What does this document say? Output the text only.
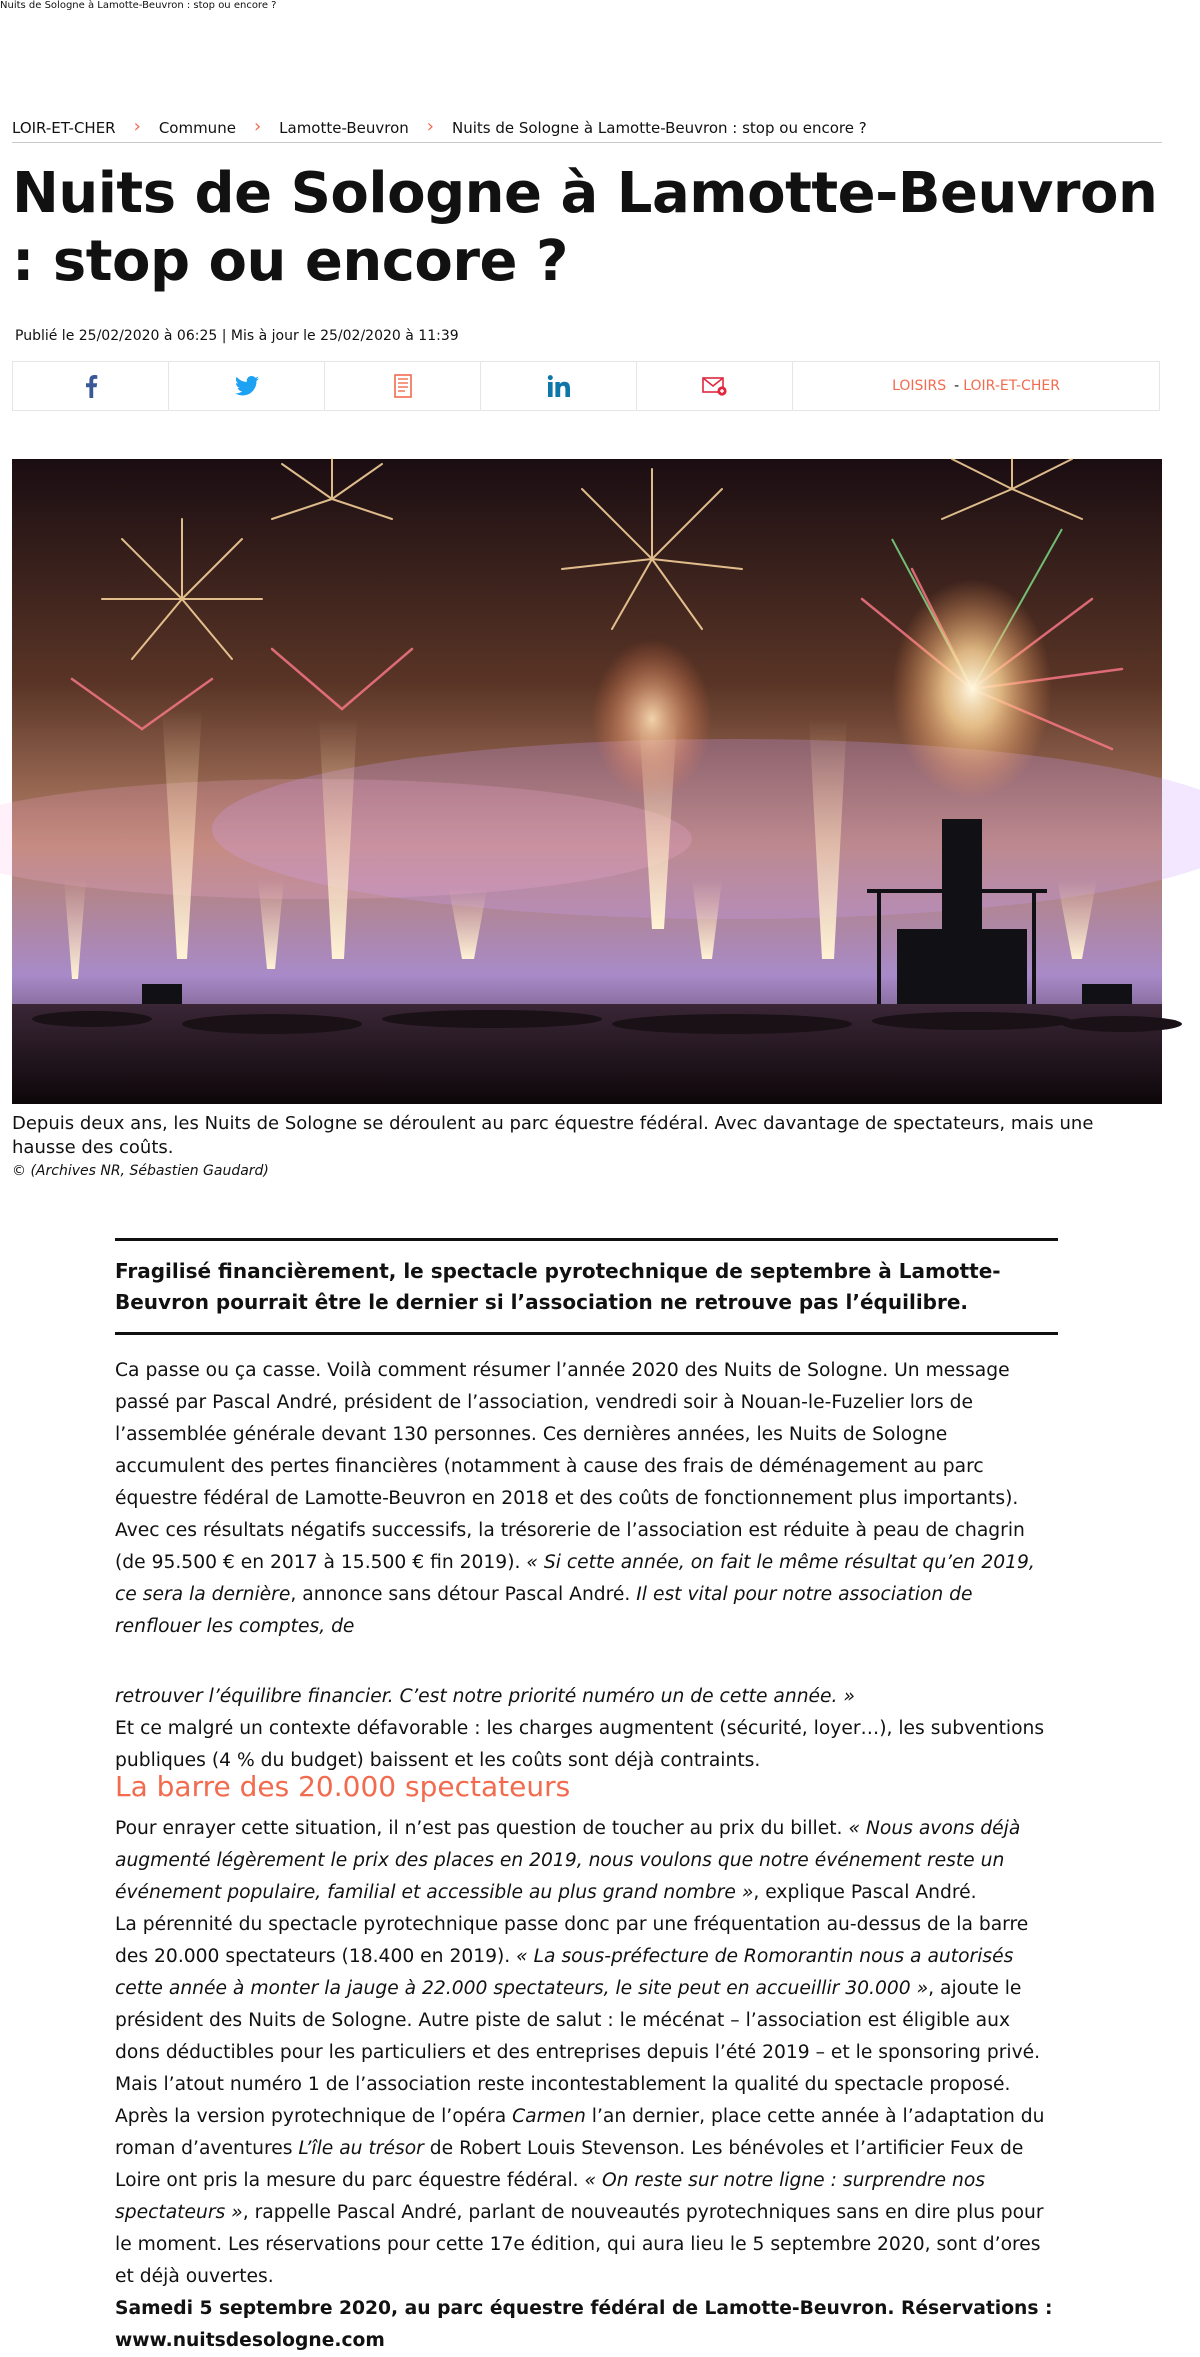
Nuits de Sologne à Lamotte-Beuvron : stop ou encore ?
LOIR-ET-CHER › Commune › Lamotte-Beuvron › Nuits de Sologne à Lamotte-Beuvron : stop ou encore ?
Nuits de Sologne à Lamotte-Beuvron : stop ou encore ?
Publié le 25/02/2020 à 06:25 | Mis à jour le 25/02/2020 à 11:39
LOISIRS - LOIR-ET-CHER
Depuis deux ans, les Nuits de Sologne se déroulent au parc équestre fédéral. Avec davantage de spectateurs, mais une hausse des coûts.
© (Archives NR, Sébastien Gaudard)
Fragilisé financièrement, le spectacle pyrotechnique de septembre à Lamotte-Beuvron pourrait être le dernier si l’association ne retrouve pas l’équilibre.

Ca passe ou ça casse. Voilà comment résumer l’année 2020 des Nuits de Sologne. Un message passé par Pascal André, président de l’association, vendredi soir à Nouan-le-Fuzelier lors de l’assemblée générale devant 130 personnes. Ces dernières années, les Nuits de Sologne accumulent des pertes financières (notamment à cause des frais de déménagement au parc équestre fédéral de Lamotte-Beuvron en 2018 et des coûts de fonctionnement plus importants).

Avec ces résultats négatifs successifs, la trésorerie de l’association est réduite à peau de chagrin (de 95.500 € en 2017 à 15.500 € fin 2019). « Si cette année, on fait le même résultat qu’en 2019, ce sera la dernière, annonce sans détour Pascal André. Il est vital pour notre association de renflouer les comptes, de

retrouver l’équilibre financier. C’est notre priorité numéro un de cette année. »

Et ce malgré un contexte défavorable : les charges augmentent (sécurité, loyer…), les subventions publiques (4 % du budget) baissent et les coûts sont déjà contraints.

La barre des 20.000 spectateurs

Pour enrayer cette situation, il n’est pas question de toucher au prix du billet. « Nous avons déjà augmenté légèrement le prix des places en 2019, nous voulons que notre événement reste un événement populaire, familial et accessible au plus grand nombre », explique Pascal André.

La pérennité du spectacle pyrotechnique passe donc par une fréquentation au-dessus de la barre des 20.000 spectateurs (18.400 en 2019). « La sous-préfecture de Romorantin nous a autorisés cette année à monter la jauge à 22.000 spectateurs, le site peut en accueillir 30.000 », ajoute le président des Nuits de Sologne. Autre piste de salut : le mécénat – l’association est éligible aux dons déductibles pour les particuliers et des entreprises depuis l’été 2019 – et le sponsoring privé.

Mais l’atout numéro 1 de l’association reste incontestablement la qualité du spectacle proposé. Après la version pyrotechnique de l’opéra Carmen l’an dernier, place cette année à l’adaptation du roman d’aventures L’île au trésor de Robert Louis Stevenson. Les bénévoles et l’artificier Feux de Loire ont pris la mesure du parc équestre fédéral. « On reste sur notre ligne : surprendre nos spectateurs », rappelle Pascal André, parlant de nouveautés pyrotechniques sans en dire plus pour le moment. Les réservations pour cette 17e édition, qui aura lieu le 5 septembre 2020, sont d’ores et déjà ouvertes.

Samedi 5 septembre 2020, au parc équestre fédéral de Lamotte-Beuvron. Réservations : www.nuitsdesologne.com
